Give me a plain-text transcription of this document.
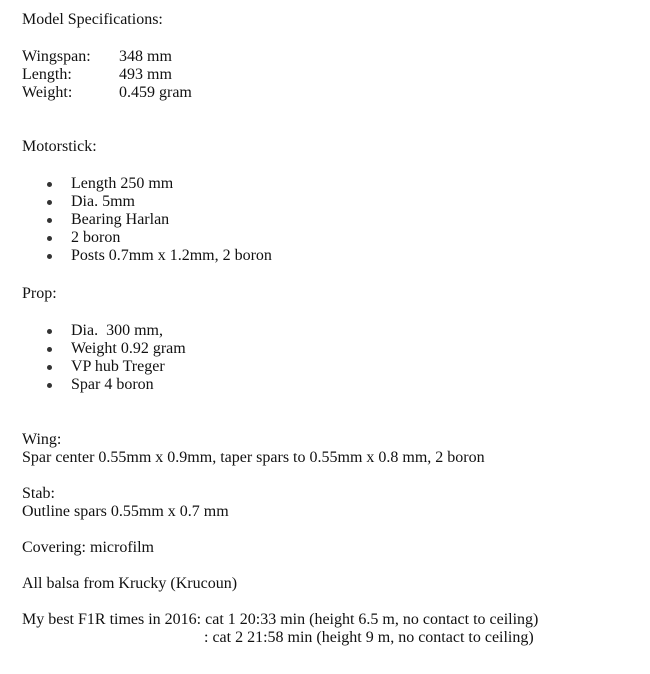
Model Specifications:
Wingspan: 348 mm
Length:	493 mm
Weight:	0.459 gram
Motorstick:
Length 250 mm
Dia. 5mm
Bearing Harlan
2 boron
Posts 0.7mm x 1.2mm, 2 boron
Prop:
Dia.  300 mm,
Weight 0.92 gram
VP hub Treger
Spar 4 boron
Wing:
Spar center 0.55mm x 0.9mm, taper spars to 0.55mm x 0.8 mm, 2 boron
Stab:
Outline spars 0.55mm x 0.7 mm
Covering: microfilm
All balsa from Krucky (Krucoun)
My best F1R times in 2016: cat 1 20:33 min (height 6.5 m, no contact to ceiling)
: cat 2 21:58 min (height 9 m, no contact to ceiling)
